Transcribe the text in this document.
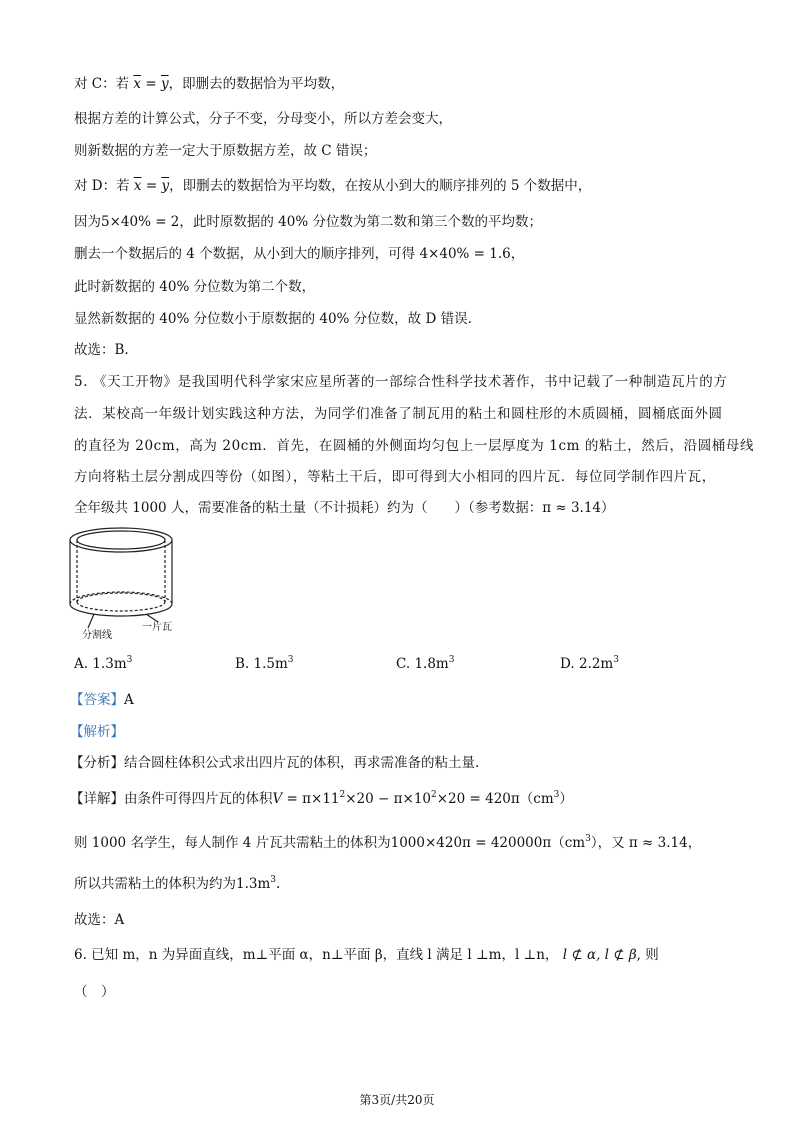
对 C：若 $\overline{x} = \overline{y}$，即删去的数据恰为平均数，
根据方差的计算公式，分子不变，分母变小，所以方差会变大，
则新数据的方差一定大于原数据方差，故 C 错误；
对 D：若 $\overline{x} = \overline{y}$，即删去的数据恰为平均数，在按从小到大的顺序排列的 5 个数据中，
因为5×40% = 2，此时原数据的 40% 分位数为第二数和第三个数的平均数；
删去一个数据后的 4 个数据，从小到大的顺序排列，可得 4×40% = 1.6，
此时新数据的 40% 分位数为第二个数，
显然新数据的 40% 分位数小于原数据的 40% 分位数，故 D 错误.
故选：B.
5. 《天工开物》是我国明代科学家宋应星所著的一部综合性科学技术著作，书中记载了一种制造瓦片的方
法．某校高一年级计划实践这种方法，为同学们准备了制瓦用的粘土和圆柱形的木质圆桶，圆桶底面外圆
的直径为 20cm，高为 20cm．首先，在圆桶的外侧面均匀包上一层厚度为 1cm 的粘土，然后，沿圆桶母线
方向将粘土层分割成四等份（如图），等粘土干后，即可得到大小相同的四片瓦．每位同学制作四片瓦，
全年级共 1000 人，需要准备的粘土量（不计损耗）约为（　　）（参考数据：π ≈ 3.14）
分割线
一片瓦
A. $1.3m^3$	B. $1.5m^3$	C. $1.8m^3$	D. $2.2m^3$
【答案】A
【解析】
【分析】结合圆柱体积公式求出四片瓦的体积，再求需准备的粘土量.
【详解】由条件可得四片瓦的体积$V = \pi\times 11^2\times 20 - \pi\times 10^2\times 20 = 420\pi(cm^3)$
则 1000 名学生，每人制作 4 片瓦共需粘土的体积为$1000\times 420\pi = 420000\pi(cm^3)$，又 π ≈ 3.14，
所以共需粘土的体积为约为$1.3m^3$.
故选：A
6. 已知 m，n 为异面直线，m⊥平面 α，n⊥平面 β，直线 l 满足 l ⊥m，l ⊥n， l ⊄ α, l ⊄ β, 则
（　）
第3页/共20页
